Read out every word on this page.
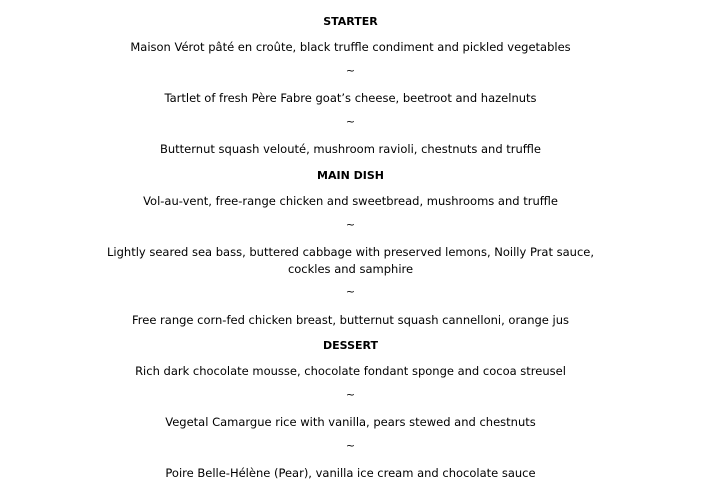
STARTER
Maison Vérot pâté en croûte, black truffle condiment and pickled vegetables
~
Tartlet of fresh Père Fabre goat’s cheese, beetroot and hazelnuts
~
Butternut squash velouté, mushroom ravioli, chestnuts and truffle
MAIN DISH
Vol-au-vent, free-range chicken and sweetbread, mushrooms and truffle
~
Lightly seared sea bass, buttered cabbage with preserved lemons, Noilly Prat sauce, cockles and samphire
~
Free range corn-fed chicken breast, butternut squash cannelloni, orange jus
DESSERT
Rich dark chocolate mousse, chocolate fondant sponge and cocoa streusel
~
Vegetal Camargue rice with vanilla, pears stewed and chestnuts
~
Poire Belle-Hélène (Pear), vanilla ice cream and chocolate sauce
